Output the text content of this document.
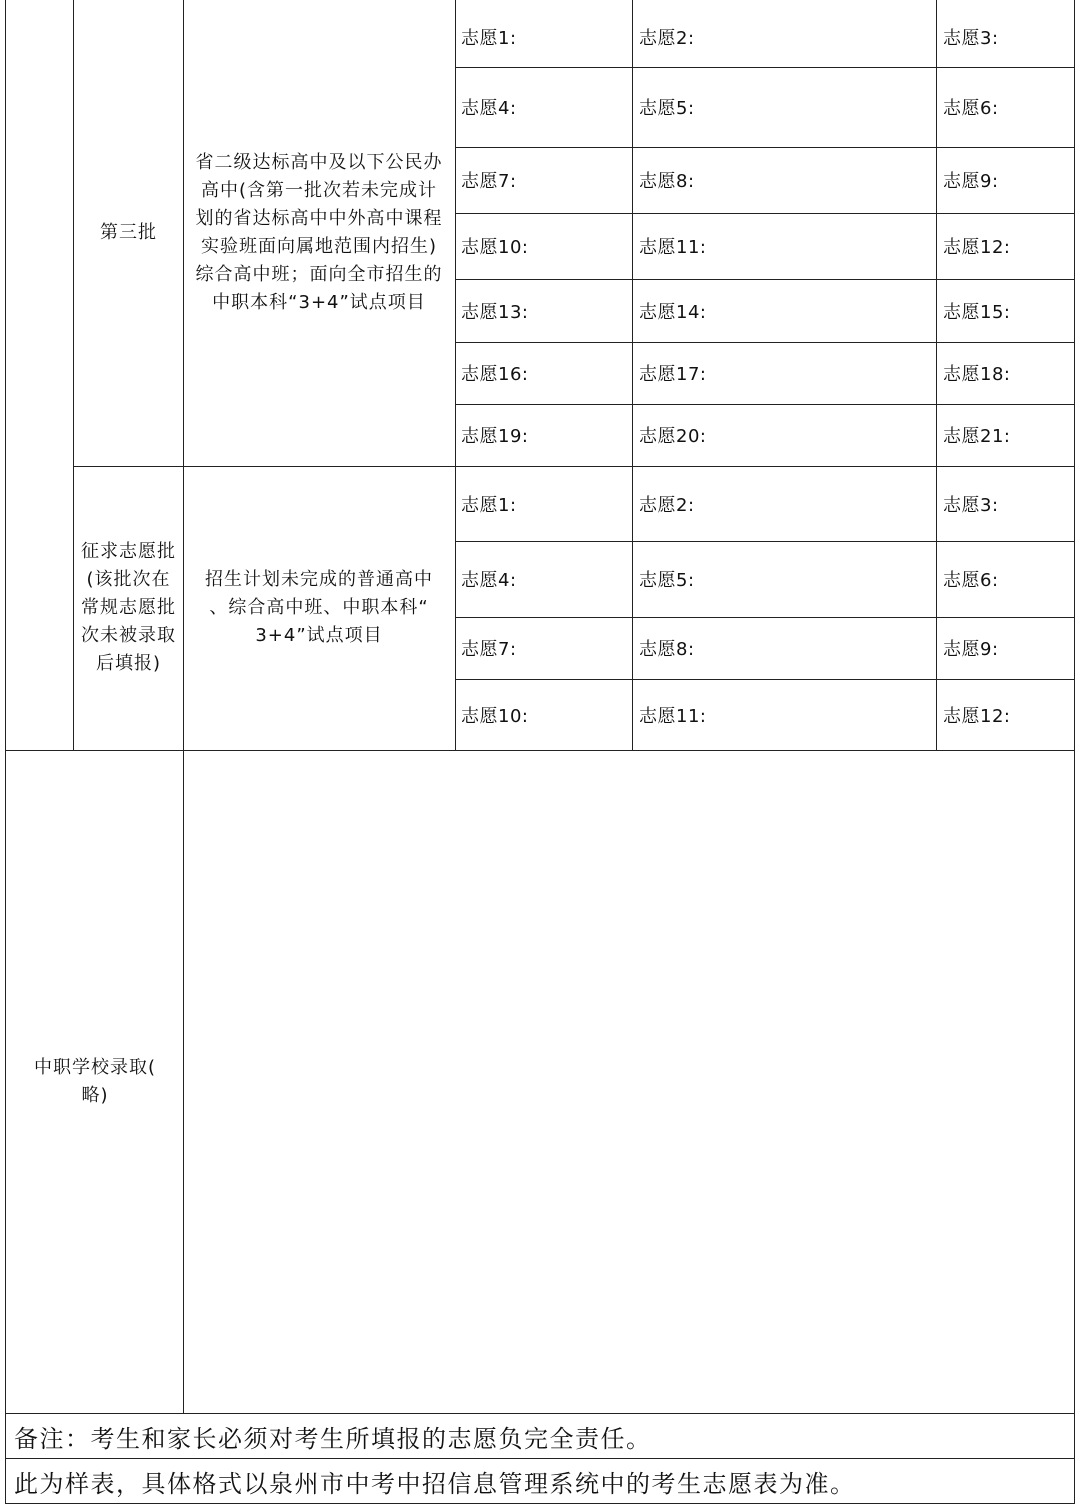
第三批
省二级达标高中及以下公民办
高中(含第一批次若未完成计
划的省达标高中中外高中课程
实验班面向属地范围内招生)
综合高中班；面向全市招生的
中职本科“3+4”试点项目
志愿1:	志愿2:	志愿3:
志愿4:	志愿5:	志愿6:
志愿7:	志愿8:	志愿9:
志愿10:	志愿11:	志愿12:
志愿13:	志愿14:	志愿15:
志愿16:	志愿17:	志愿18:
志愿19:	志愿20:	志愿21:
征求志愿批
(该批次在
常规志愿批
次未被录取
后填报)
招生计划未完成的普通高中
、综合高中班、中职本科“
3+4”试点项目
志愿1:	志愿2:	志愿3:
志愿4:	志愿5:	志愿6:
志愿7:	志愿8:	志愿9:
志愿10:	志愿11:	志愿12:
中职学校录取(
略)
备注：考生和家长必须对考生所填报的志愿负完全责任。
此为样表，具体格式以泉州市中考中招信息管理系统中的考生志愿表为准。
